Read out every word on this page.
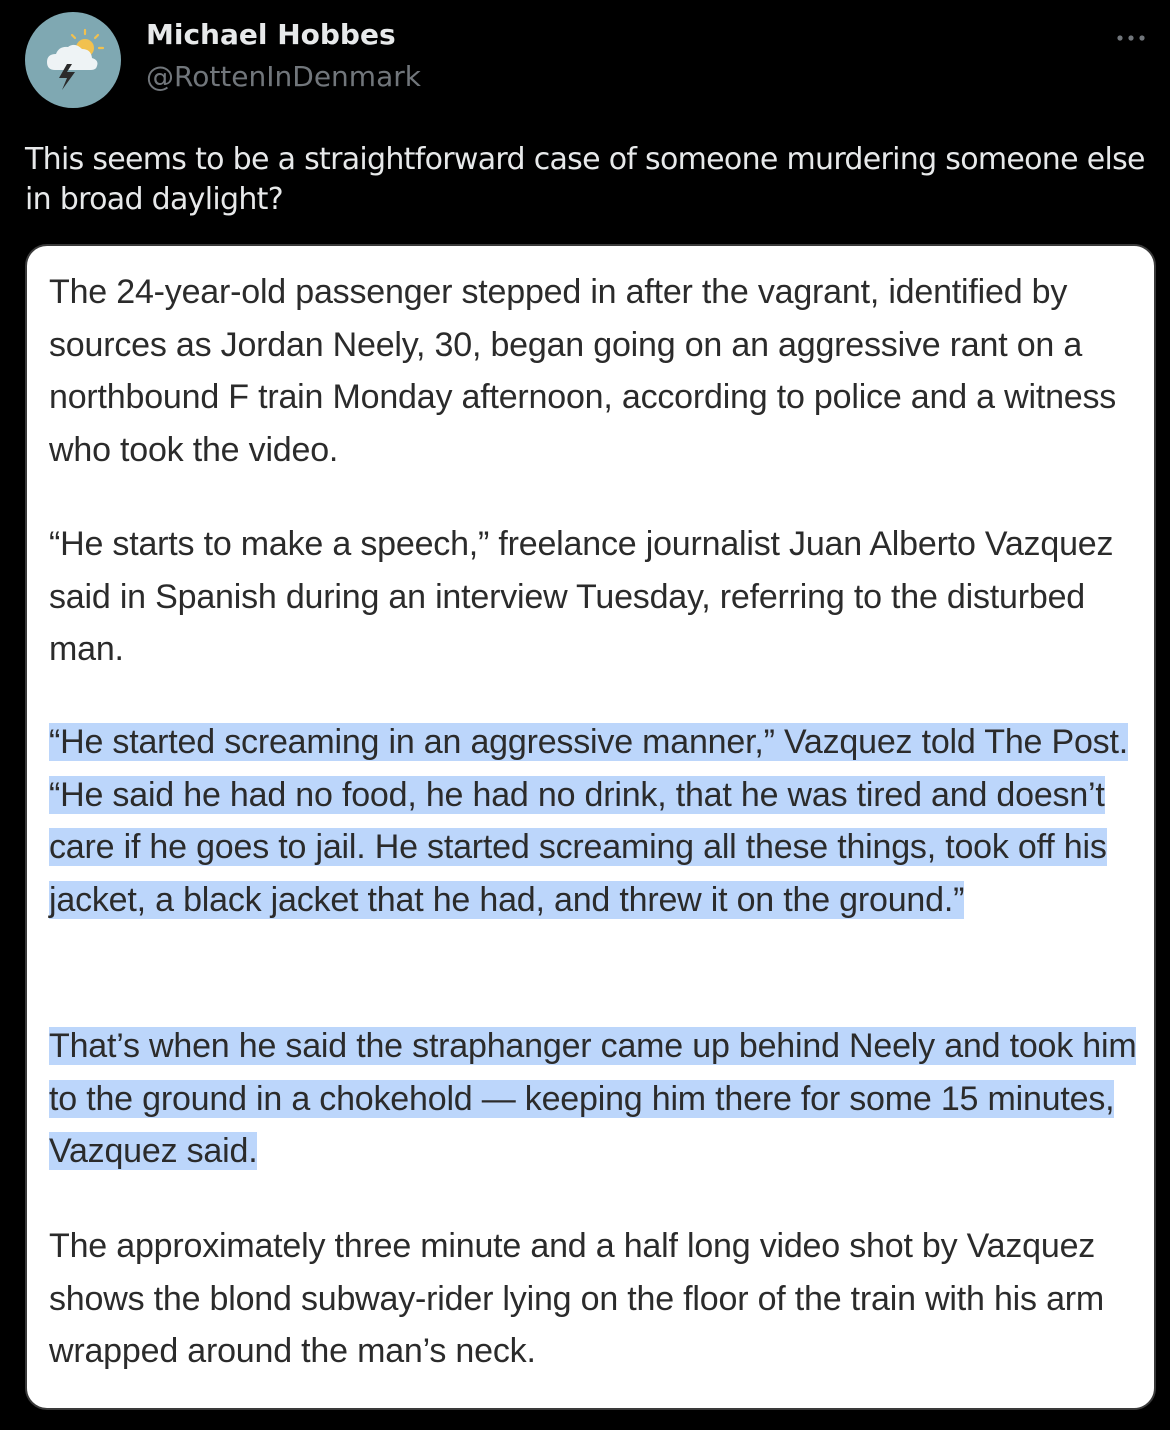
Michael Hobbes
@RottenInDenmark
This seems to be a straightforward case of someone murdering someone else in broad daylight?

The 24-year-old passenger stepped in after the vagrant, identified by sources as Jordan Neely, 30, began going on an aggressive rant on a northbound F train Monday afternoon, according to police and a witness who took the video.

“He starts to make a speech,” freelance journalist Juan Alberto Vazquez said in Spanish during an interview Tuesday, referring to the disturbed man.

“He started screaming in an aggressive manner,” Vazquez told The Post. “He said he had no food, he had no drink, that he was tired and doesn’t care if he goes to jail. He started screaming all these things, took off his jacket, a black jacket that he had, and threw it on the ground.”

That’s when he said the straphanger came up behind Neely and took him to the ground in a chokehold — keeping him there for some 15 minutes, Vazquez said.

The approximately three minute and a half long video shot by Vazquez shows the blond subway-rider lying on the floor of the train with his arm wrapped around the man’s neck.
